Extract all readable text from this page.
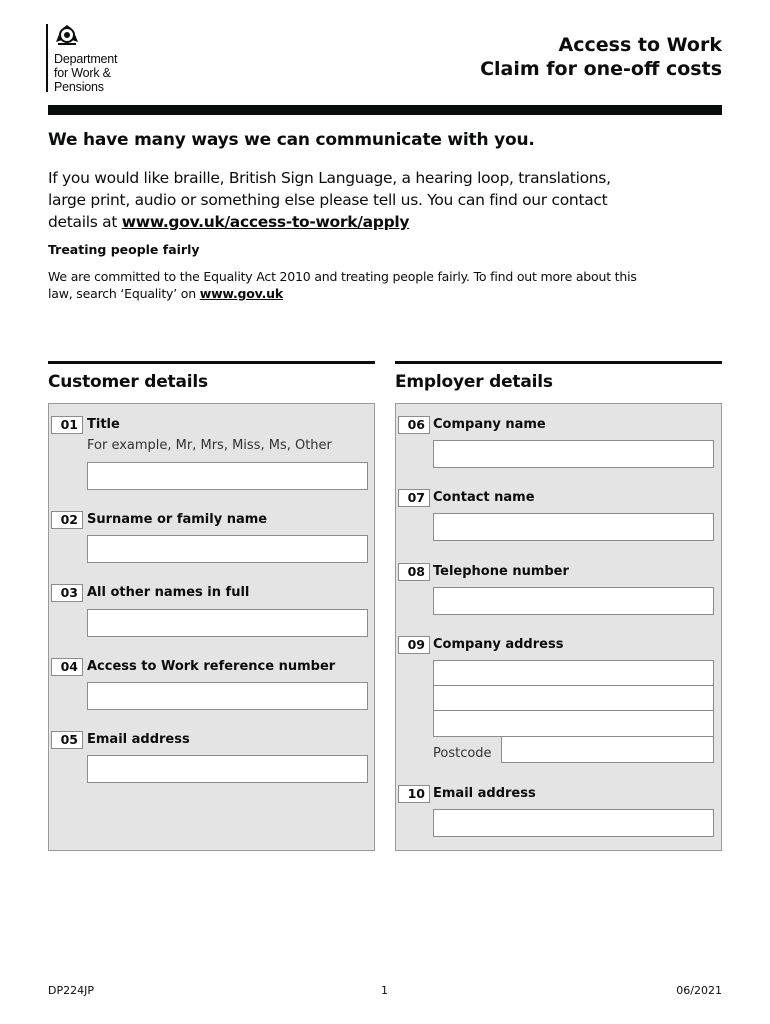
Department
for Work &
Pensions
Access to Work
Claim for one-off costs
We have many ways we can communicate with you.
If you would like braille, British Sign Language, a hearing loop, translations, large print, audio or something else please tell us. You can find our contact details at www.gov.uk/access-to-work/apply
Treating people fairly
We are committed to the Equality Act 2010 and treating people fairly. To find out more about this law, search ‘Equality’ on www.gov.uk
Customer details
01 Title
For example, Mr, Mrs, Miss, Ms, Other
02 Surname or family name
03 All other names in full
04 Access to Work reference number
05 Email address
Employer details
06 Company name
07 Contact name
08 Telephone number
09 Company address
Postcode
10 Email address
DP224JP	1	06/2021
